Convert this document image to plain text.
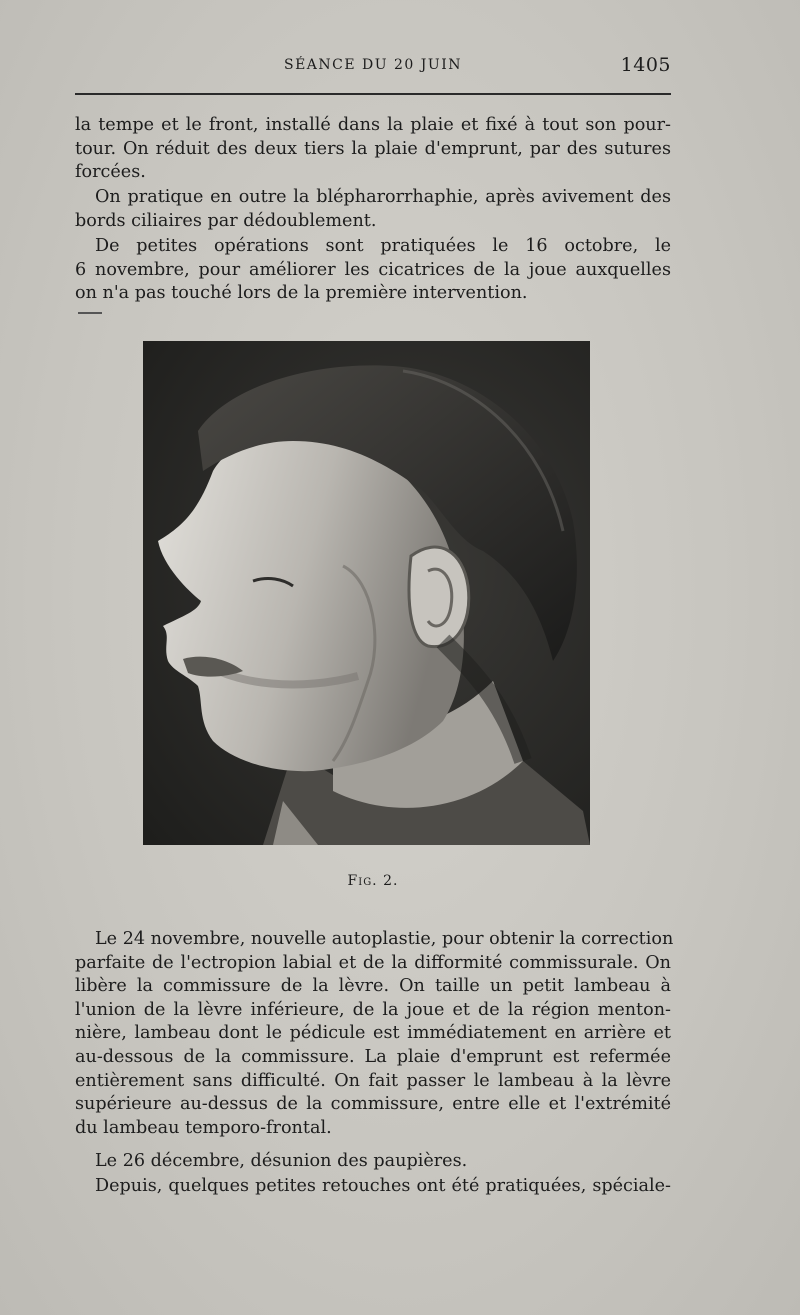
SÉANCE DU 20 JUIN	1405
la tempe et le front, installé dans la plaie et fixé à tout son pour-
tour. On réduit des deux tiers la plaie d'emprunt, par des sutures
forcées.
On pratique en outre la blépharorrhaphie, après avivement des
bords ciliaires par dédoublement.
De petites opérations sont pratiquées le 16 octobre, le
6 novembre, pour améliorer les cicatrices de la joue auxquelles
on n'a pas touché lors de la première intervention.
Fig. 2.
Le 24 novembre, nouvelle autoplastie, pour obtenir la correction
parfaite de l'ectropion labial et de la difformité commissurale. On
libère la commissure de la lèvre. On taille un petit lambeau à
l'union de la lèvre inférieure, de la joue et de la région menton-
nière, lambeau dont le pédicule est immédiatement en arrière et
au-dessous de la commissure. La plaie d'emprunt est refermée
entièrement sans difficulté. On fait passer le lambeau à la lèvre
supérieure au-dessus de la commissure, entre elle et l'extrémité
du lambeau temporo-frontal.
Le 26 décembre, désunion des paupières.
Depuis, quelques petites retouches ont été pratiquées, spéciale-
